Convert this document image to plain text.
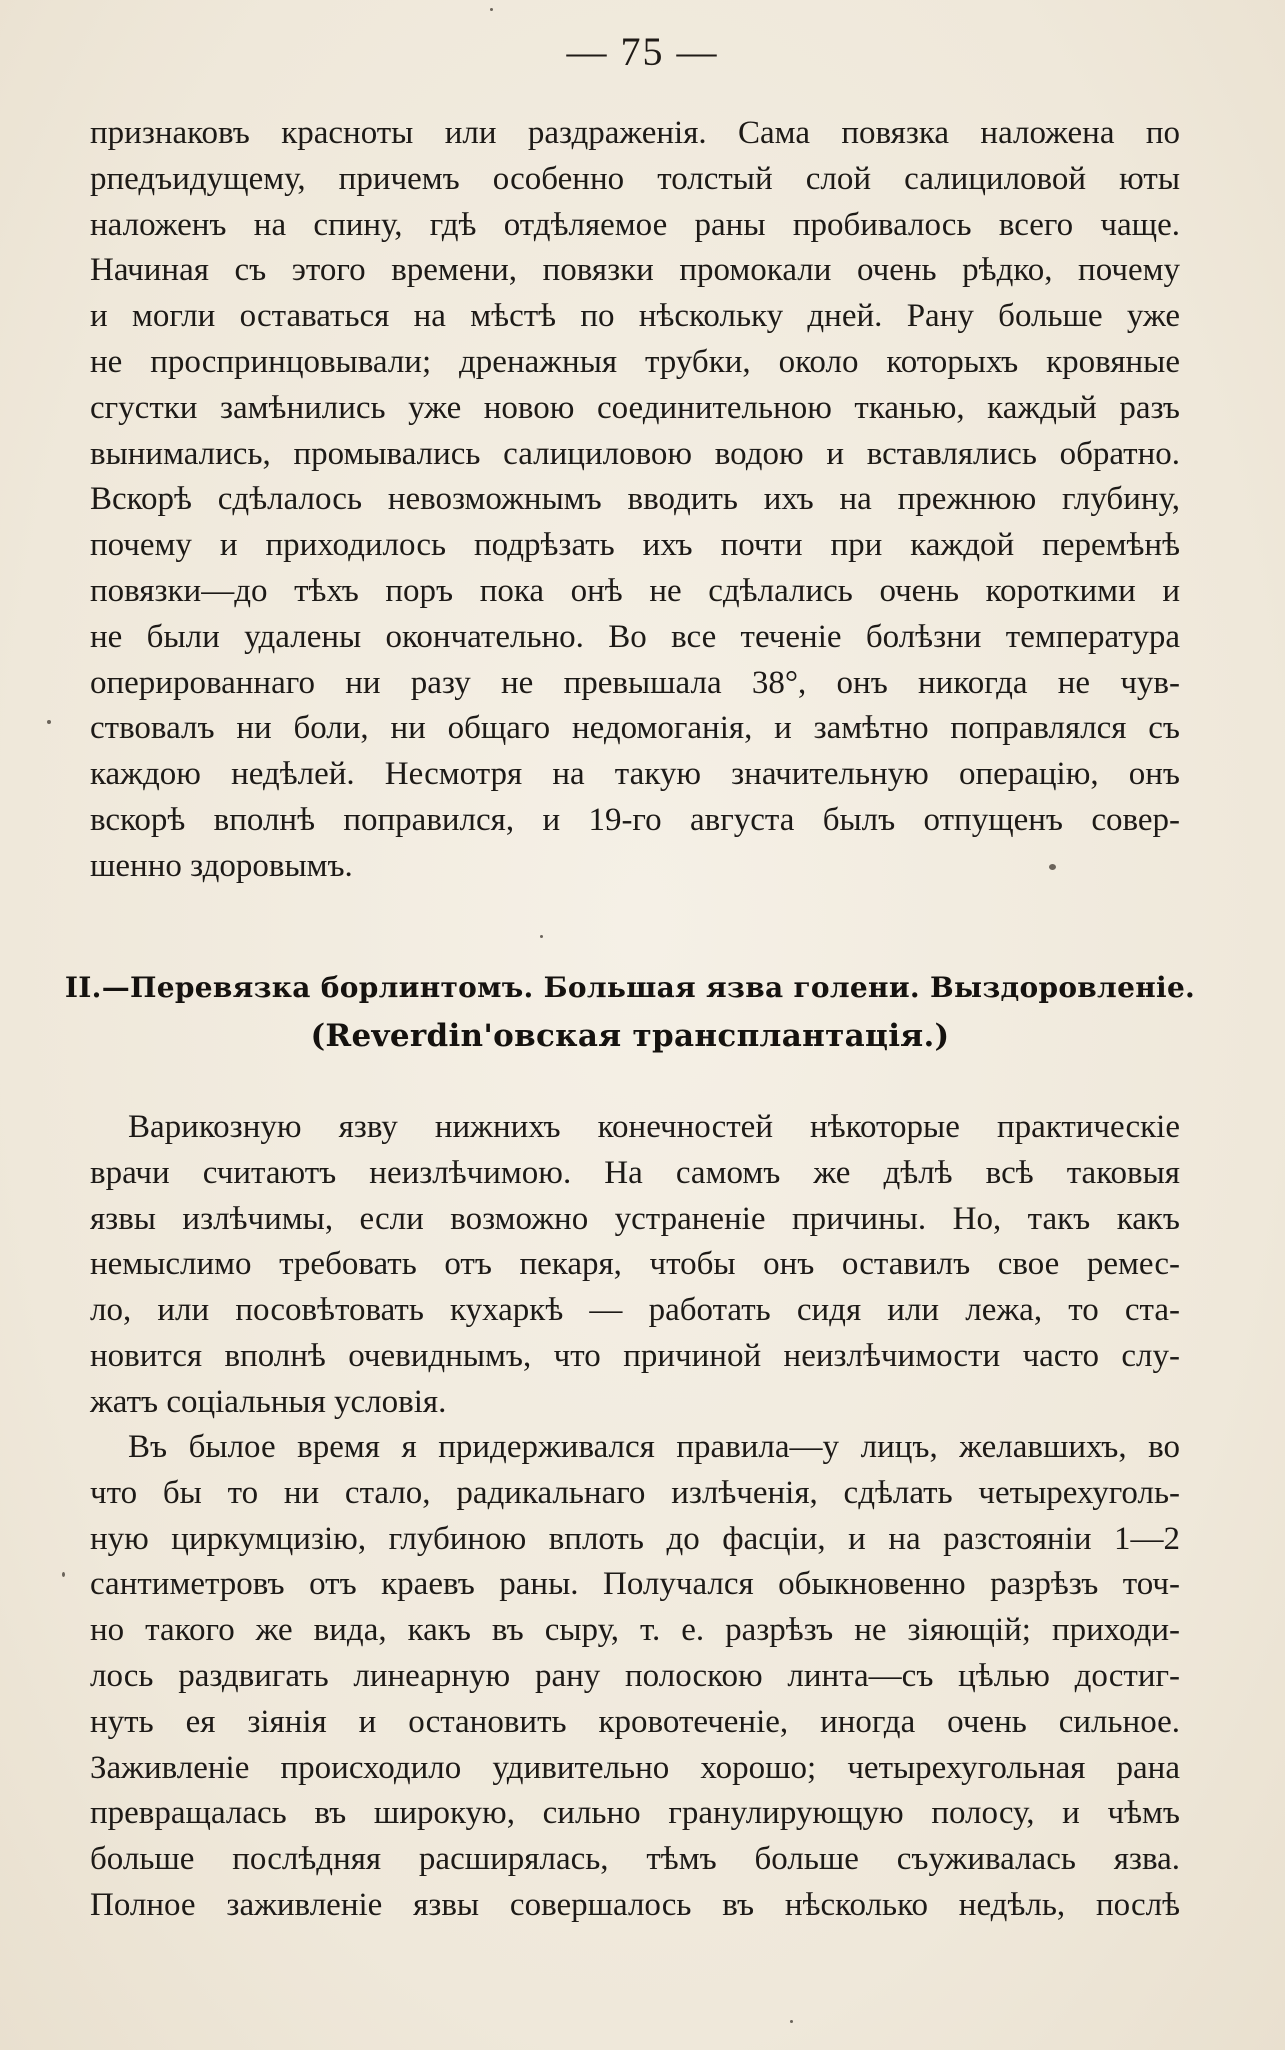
— 75 —
признаковъ красноты или раздраженія. Сама повязка наложена по
рпедъидущему, причемъ особенно толстый слой салициловой юты
наложенъ на спину, гдѣ отдѣляемое раны пробивалось всего чаще.
Начиная съ этого времени, повязки промокали очень рѣдко, почему
и могли оставаться на мѣстѣ по нѣскольку дней. Рану больше уже
не проспринцовывали; дренажныя трубки, около которыхъ кровяные
сгустки замѣнились уже новою соединительною тканью, каждый разъ
вынимались, промывались салициловою водою и вставлялись обратно.
Вскорѣ сдѣлалось невозможнымъ вводить ихъ на прежнюю глубину,
почему и приходилось подрѣзать ихъ почти при каждой перемѣнѣ
повязки—до тѣхъ поръ пока онѣ не сдѣлались очень короткими и
не были удалены окончательно. Во все теченіе болѣзни температура
оперированнаго ни разу не превышала 38°, онъ никогда не чув-
ствовалъ ни боли, ни общаго недомоганія, и замѣтно поправлялся съ
каждою недѣлей. Несмотря на такую значительную операцію, онъ
вскорѣ вполнѣ поправился, и 19-го августа былъ отпущенъ совер-
шенно здоровымъ.
II.—Перевязка борлинтомъ. Большая язва голени. Выздоровленіе.
(Reverdin'овская трансплантація.)
Варикозную язву нижнихъ конечностей нѣкоторые практическіе
врачи считаютъ неизлѣчимою. На самомъ же дѣлѣ всѣ таковыя
язвы излѣчимы, если возможно устраненіе причины. Но, такъ какъ
немыслимо требовать отъ пекаря, чтобы онъ оставилъ свое ремес-
ло, или посовѣтовать кухаркѣ — работать сидя или лежа, то ста-
новится вполнѣ очевиднымъ, что причиной неизлѣчимости часто слу-
жатъ соціальныя условія.
Въ былое время я придерживался правила—у лицъ, желавшихъ, во
что бы то ни стало, радикальнаго излѣченія, сдѣлать четырехуголь-
ную циркумцизію, глубиною вплоть до фасціи, и на разстояніи 1—2
сантиметровъ отъ краевъ раны. Получался обыкновенно разрѣзъ точ-
но такого же вида, какъ въ сыру, т. е. разрѣзъ не зіяющій; приходи-
лось раздвигать линеарную рану полоскою линта—съ цѣлью достиг-
нуть ея зіянія и остановить кровотеченіе, иногда очень сильное.
Заживленіе происходило удивительно хорошо; четырехугольная рана
превращалась въ широкую, сильно гранулирующую полосу, и чѣмъ
больше послѣдняя расширялась, тѣмъ больше съуживалась язва.
Полное заживленіе язвы совершалось въ нѣсколько недѣль, послѣ
